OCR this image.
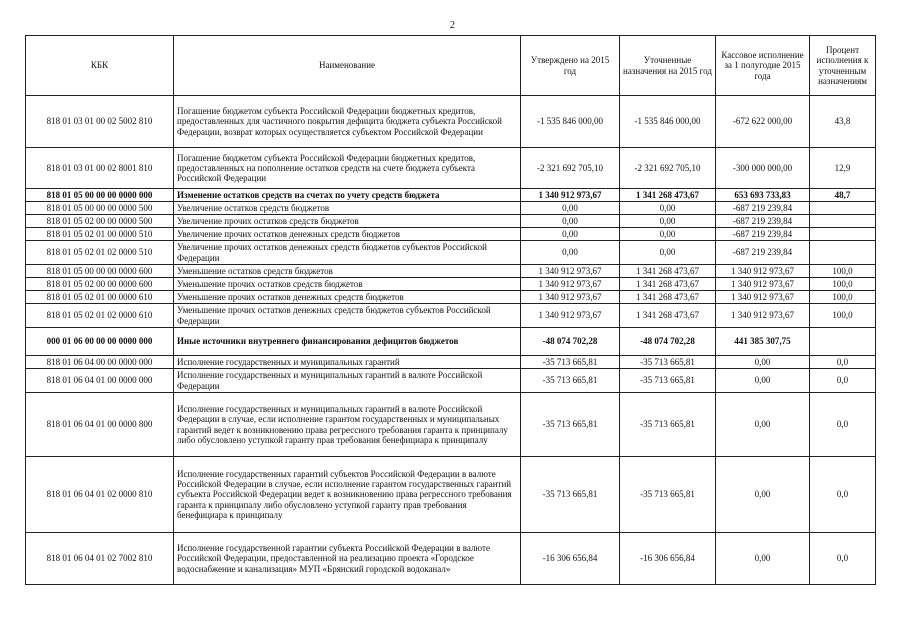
2
КБК	Наименование	Утверждено на 2015 год	Уточненные назначения на 2015 год	Кассовое исполнение за 1 полугодие 2015 года	Процент исполнения к уточненным назначениям
818 01 03 01 00 02 5002 810	Погашение бюджетом субъекта Российской Федерации бюджетных кредитов, предоставленных для частичного покрытия дефицита бюджета субъекта Российской Федерации, возврат которых осуществляется субъектом Российской Федерации	-1 535 846 000,00	-1 535 846 000,00	-672 622 000,00	43,8
818 01 03 01 00 02 8001 810	Погашение бюджетом субъекта Российской Федерации бюджетных кредитов, предоставленных на пополнение остатков средств на счете бюджета субъекта Российской Федерации	-2 321 692 705,10	-2 321 692 705,10	-300 000 000,00	12,9
818 01 05 00 00 00 0000 000	Изменение остатков средств на счетах по учету средств бюджета	1 340 912 973,67	1 341 268 473,67	653 693 733,83	48,7
818 01 05 00 00 00 0000 500	Увеличение остатков средств бюджетов	0,00	0,00	-687 219 239,84	
818 01 05 02 00 00 0000 500	Увеличение прочих остатков средств бюджетов	0,00	0,00	-687 219 239,84	
818 01 05 02 01 00 0000 510	Увеличение прочих остатков денежных средств бюджетов	0,00	0,00	-687 219 239,84	
818 01 05 02 01 02 0000 510	Увеличение прочих остатков денежных средств бюджетов субъектов Российской Федерации	0,00	0,00	-687 219 239,84	
818 01 05 00 00 00 0000 600	Уменьшение остатков средств бюджетов	1 340 912 973,67	1 341 268 473,67	1 340 912 973,67	100,0
818 01 05 02 00 00 0000 600	Уменьшение прочих остатков средств бюджетов	1 340 912 973,67	1 341 268 473,67	1 340 912 973,67	100,0
818 01 05 02 01 00 0000 610	Уменьшение прочих остатков денежных средств бюджетов	1 340 912 973,67	1 341 268 473,67	1 340 912 973,67	100,0
818 01 05 02 01 02 0000 610	Уменьшение прочих остатков денежных средств бюджетов субъектов Российской Федерации	1 340 912 973,67	1 341 268 473,67	1 340 912 973,67	100,0
000 01 06 00 00 00 0000 000	Иные источники внутреннего финансирования дефицитов бюджетов	-48 074 702,28	-48 074 702,28	441 385 307,75	
818 01 06 04 00 00 0000 000	Исполнение государственных и муниципальных гарантий	-35 713 665,81	-35 713 665,81	0,00	0,0
818 01 06 04 01 00 0000 000	Исполнение государственных и муниципальных гарантий в валюте Российской Федерации	-35 713 665,81	-35 713 665,81	0,00	0,0
818 01 06 04 01 00 0000 800	Исполнение государственных и муниципальных гарантий в валюте Российской Федерации в случае, если исполнение гарантом государственных и муниципальных гарантий ведет к возникновению права регрессного требования гаранта к принципалу либо обусловлено уступкой гаранту прав требования бенефициара к принципалу	-35 713 665,81	-35 713 665,81	0,00	0,0
818 01 06 04 01 02 0000 810	Исполнение государственных гарантий субъектов Российской Федерации в валюте Российской Федерации в случае, если исполнение гарантом государственных гарантий субъекта Российской Федерации ведет к возникновению права регрессного требования гаранта к принципалу либо обусловлено уступкой гаранту прав требования бенефициара к принципалу	-35 713 665,81	-35 713 665,81	0,00	0,0
818 01 06 04 01 02 7002 810	Исполнение государственной гарантии субъекта Российской Федерации в валюте Российской Федерации, предоставленной на реализацию проекта «Городское водоснабжение и канализация» МУП «Брянский городской водоканал»	-16 306 656,84	-16 306 656,84	0,00	0,0
